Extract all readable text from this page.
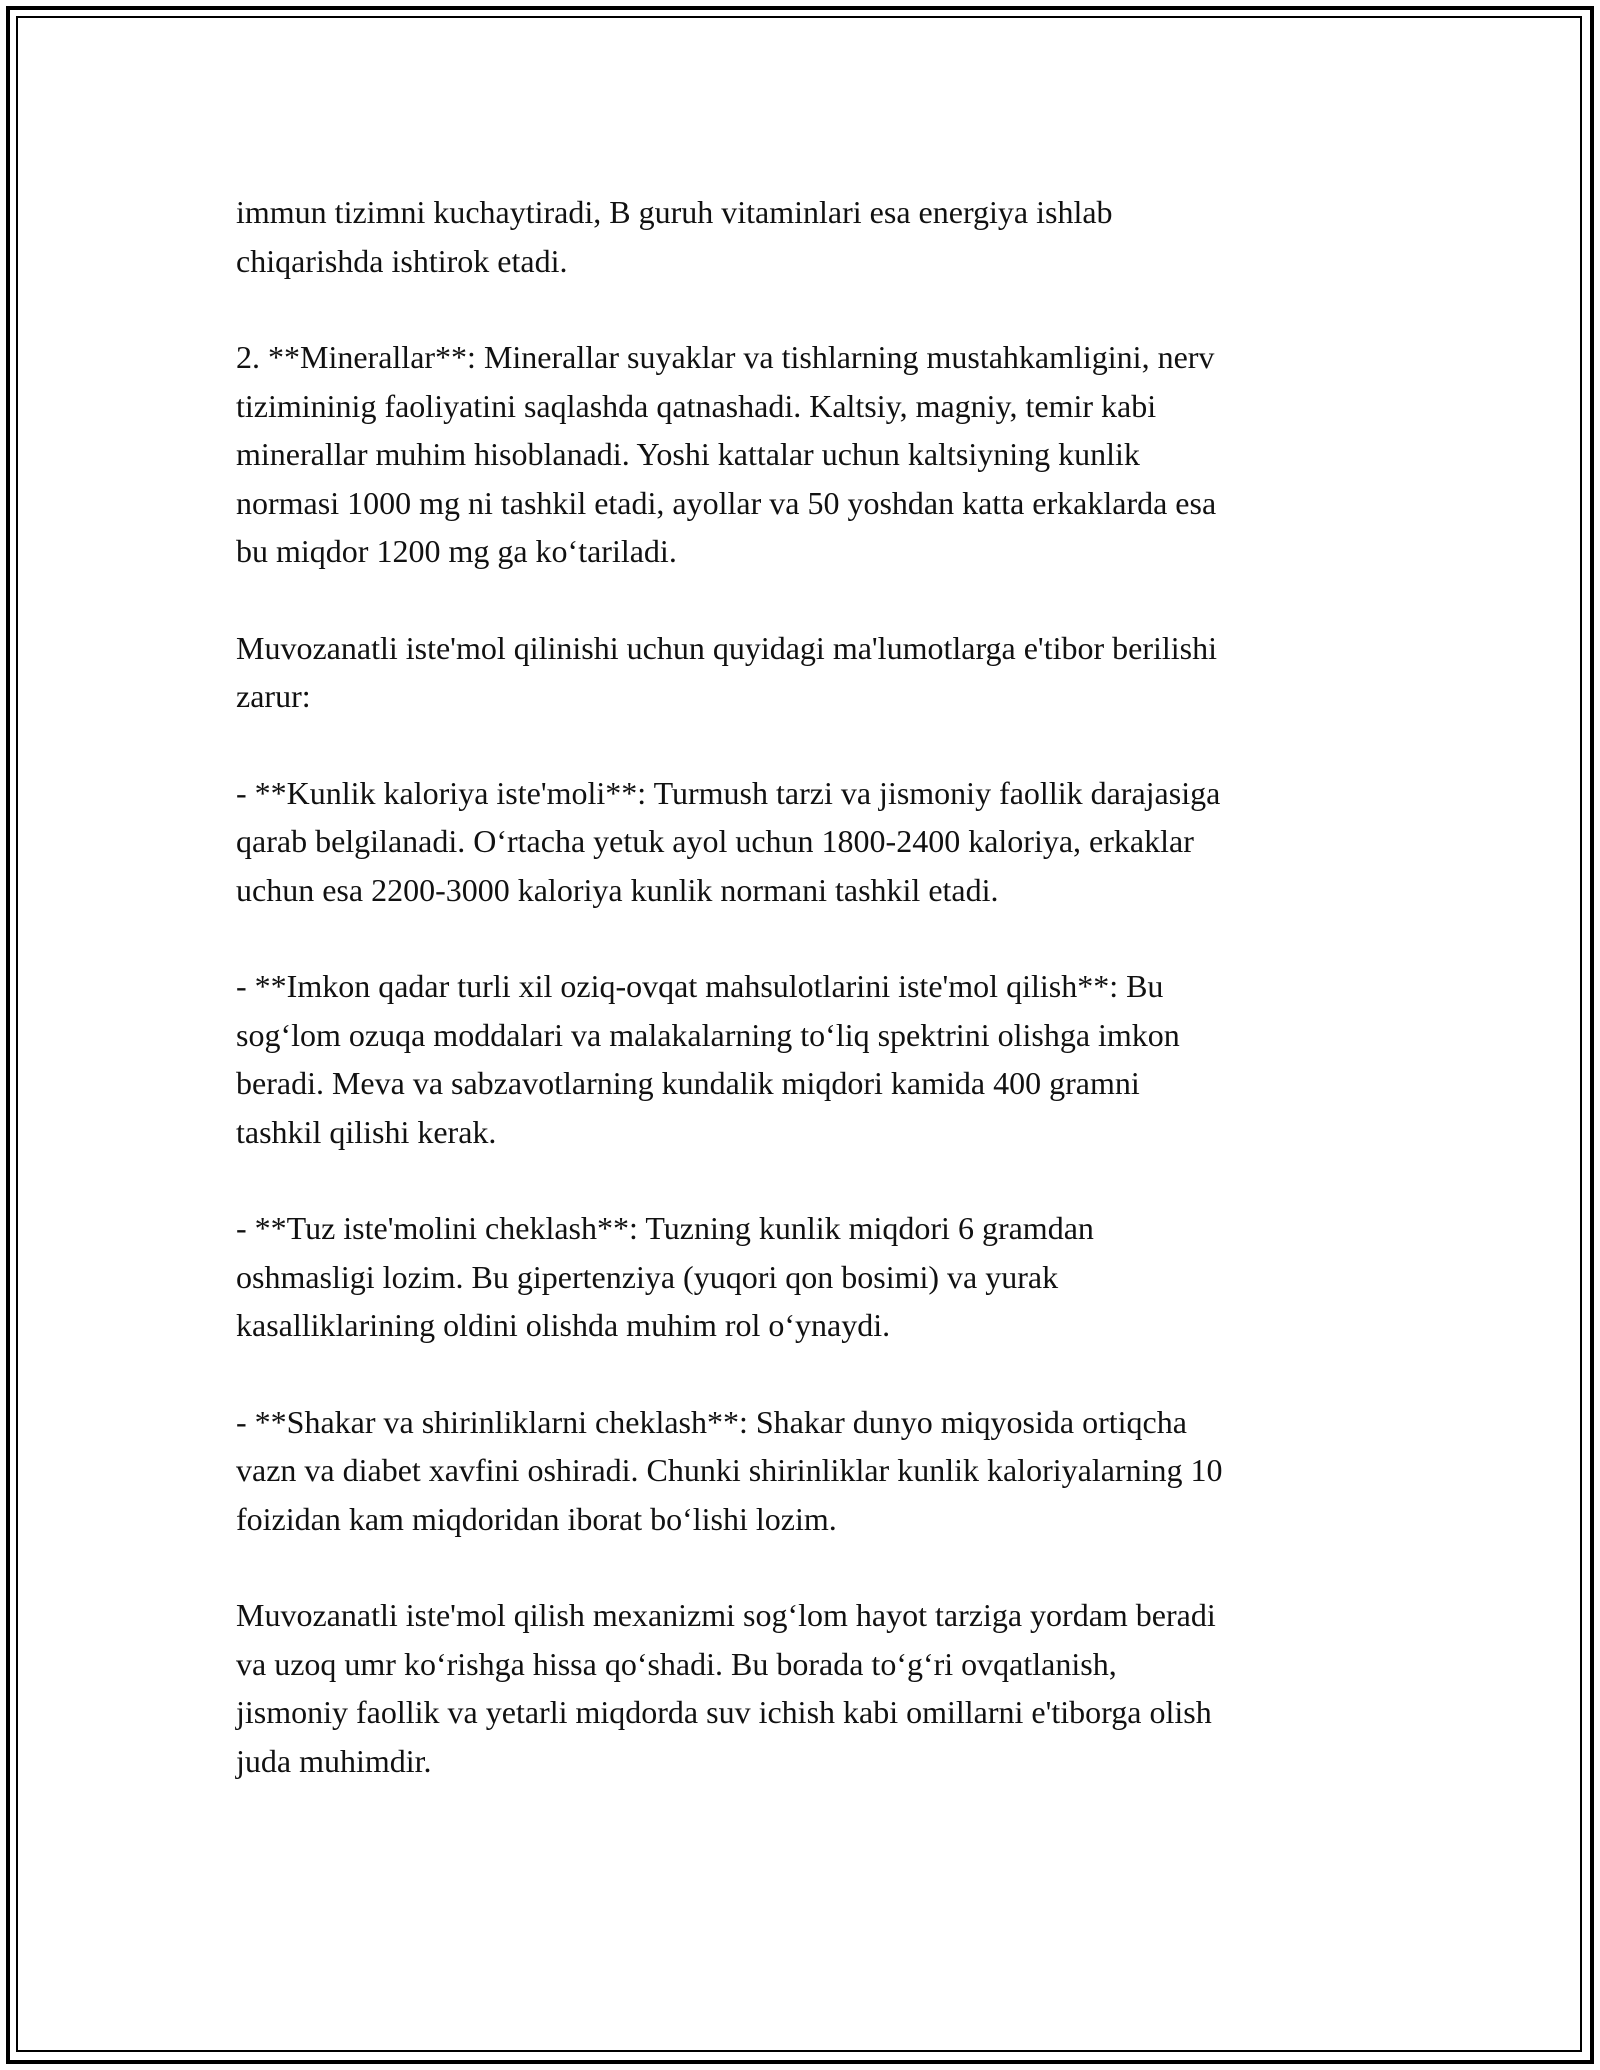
immun tizimni kuchaytiradi, B guruh vitaminlari esa energiya ishlab
chiqarishda ishtirok etadi.

2. **Minerallar**: Minerallar suyaklar va tishlarning mustahkamligini, nerv
tizimininig faoliyatini saqlashda qatnashadi. Kaltsiy, magniy, temir kabi
minerallar muhim hisoblanadi. Yoshi kattalar uchun kaltsiyning kunlik
normasi 1000 mg ni tashkil etadi, ayollar va 50 yoshdan katta erkaklarda esa
bu miqdor 1200 mg ga ko‘tariladi.

Muvozanatli iste'mol qilinishi uchun quyidagi ma'lumotlarga e'tibor berilishi
zarur:

- **Kunlik kaloriya iste'moli**: Turmush tarzi va jismoniy faollik darajasiga
qarab belgilanadi. O‘rtacha yetuk ayol uchun 1800-2400 kaloriya, erkaklar
uchun esa 2200-3000 kaloriya kunlik normani tashkil etadi.

- **Imkon qadar turli xil oziq-ovqat mahsulotlarini iste'mol qilish**: Bu
sog‘lom ozuqa moddalari va malakalarning to‘liq spektrini olishga imkon
beradi. Meva va sabzavotlarning kundalik miqdori kamida 400 gramni
tashkil qilishi kerak.

- **Tuz iste'molini cheklash**: Tuzning kunlik miqdori 6 gramdan
oshmasligi lozim. Bu gipertenziya (yuqori qon bosimi) va yurak
kasalliklarining oldini olishda muhim rol o‘ynaydi.

- **Shakar va shirinliklarni cheklash**: Shakar dunyo miqyosida ortiqcha
vazn va diabet xavfini oshiradi. Chunki shirinliklar kunlik kaloriyalarning 10
foizidan kam miqdoridan iborat bo‘lishi lozim.

Muvozanatli iste'mol qilish mexanizmi sog‘lom hayot tarziga yordam beradi
va uzoq umr ko‘rishga hissa qo‘shadi. Bu borada to‘g‘ri ovqatlanish,
jismoniy faollik va yetarli miqdorda suv ichish kabi omillarni e'tiborga olish
juda muhimdir.
